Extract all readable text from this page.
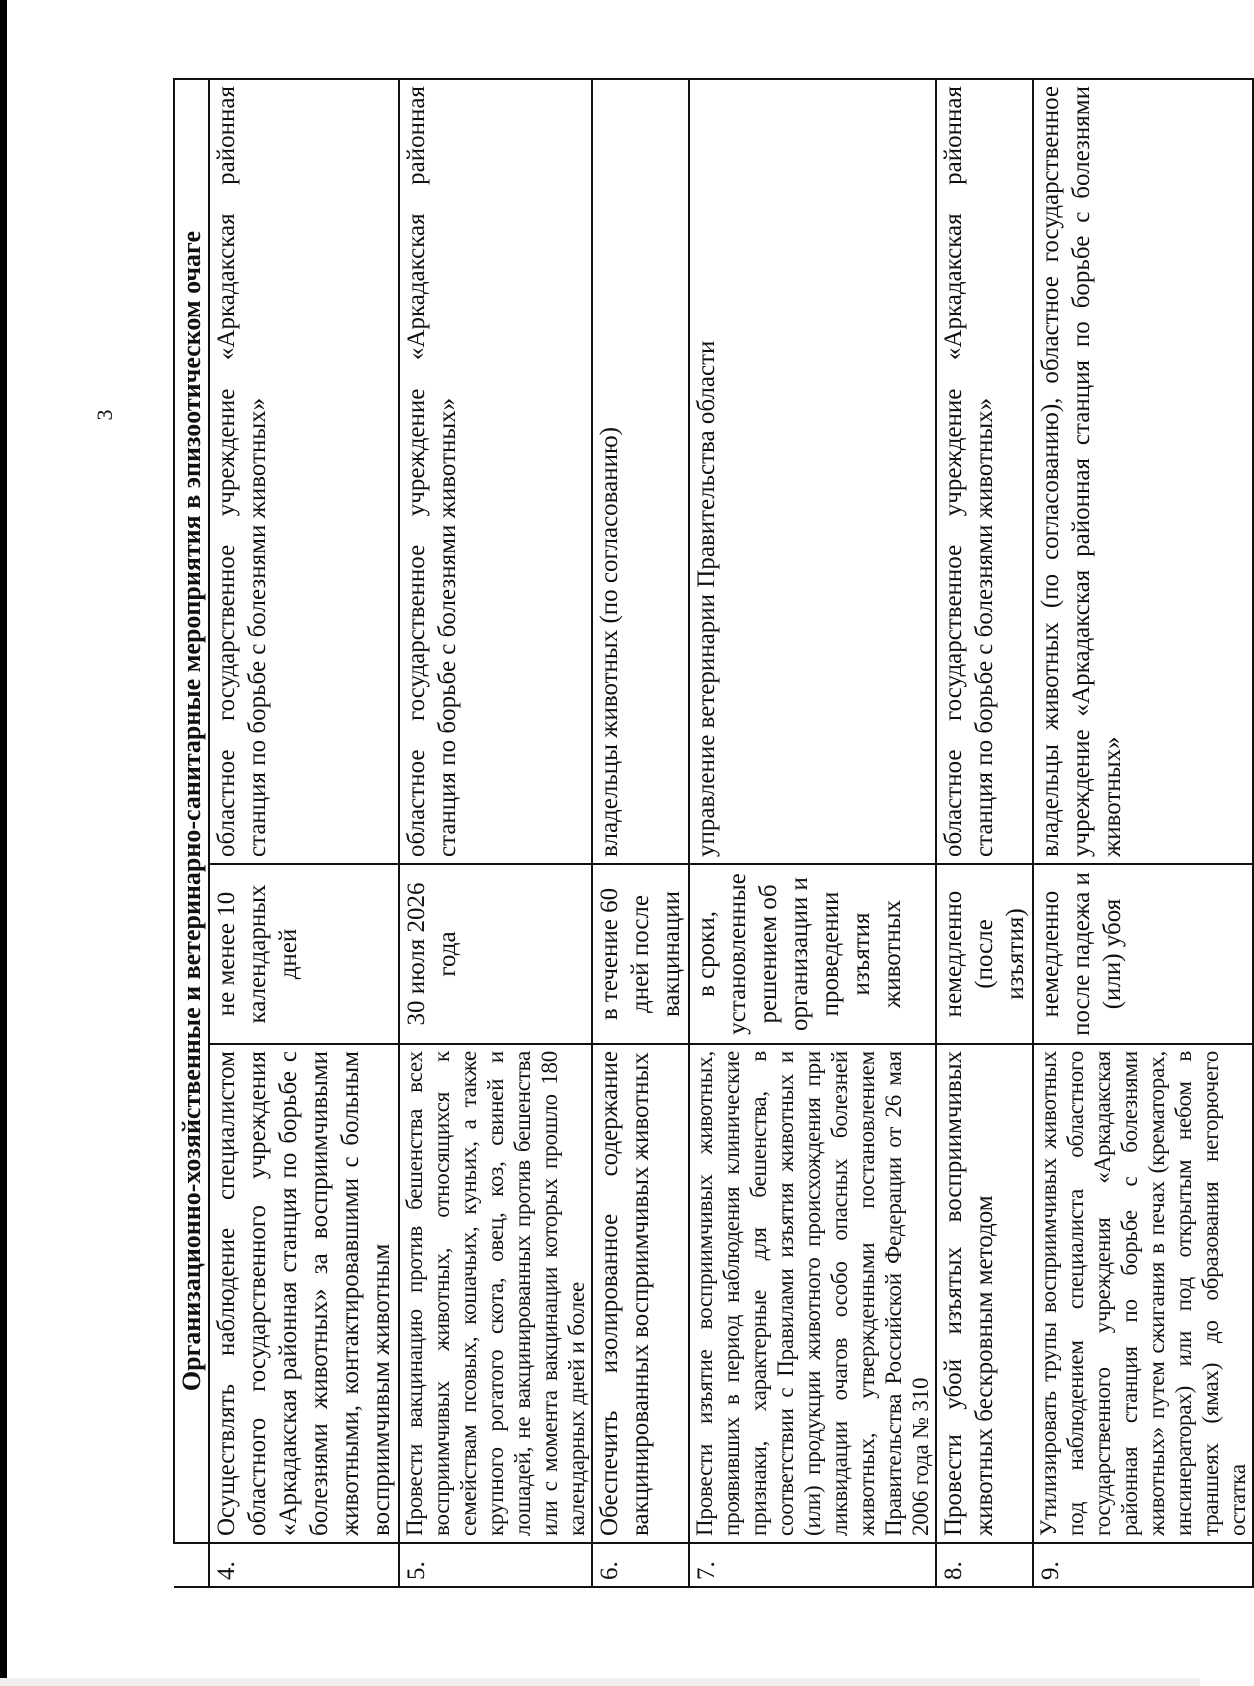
3
	Организационно-хозяйственные и ветеринарно-санитарные мероприятия в эпизоотическом очаге		
4.	Осуществлять наблюдение специалистом областного государственного учреждения «Аркадакская районная станция по борьбе с болезнями животных» за восприимчивыми животными, контактировавшими с больным восприимчивым животным	не менее 10 календарных дней	областное государственное учреждение «Аркадакская районная станция по борьбе с болезнями животных»
5.	Провести вакцинацию против бешенства всех восприимчивых животных, относящихся к семействам псовых, кошачьих, куньих, а также крупного рогатого скота, овец, коз, свиней и лошадей, не вакцинированных против бешенства или с момента вакцинации которых прошло 180 календарных дней и более	30 июля 2026 года	областное государственное учреждение «Аркадакская районная станция по борьбе с болезнями животных»
6.	Обеспечить изолированное содержание вакцинированных восприимчивых животных	в течение 60 дней после вакцинации	владельцы животных (по согласованию)
7.	Провести изъятие восприимчивых животных, проявивших в период наблюдения клинические признаки, характерные для бешенства, в соответствии с Правилами изъятия животных и (или) продукции животного происхождения при ликвидации очагов особо опасных болезней животных, утвержденными постановлением Правительства Российской Федерации от 26 мая 2006 года № 310	в сроки, установленные решением об организации и проведении изъятия животных	управление ветеринарии Правительства области
8.	Провести убой изъятых восприимчивых животных бескровным методом	немедленно (после изъятия)	областное государственное учреждение «Аркадакская районная станция по борьбе с болезнями животных»
9.	Утилизировать трупы восприимчивых животных под наблюдением специалиста областного государственного учреждения «Аркадакская районная станция по борьбе с болезнями животных» путем сжигания в печах (крематорах, инсинераторах) или под открытым небом в траншеях (ямах) до образования негорючего остатка	немедленно после падежа и (или) убоя	владельцы животных (по согласованию), областное государственное учреждение «Аркадакская районная станция по борьбе с болезнями животных»
